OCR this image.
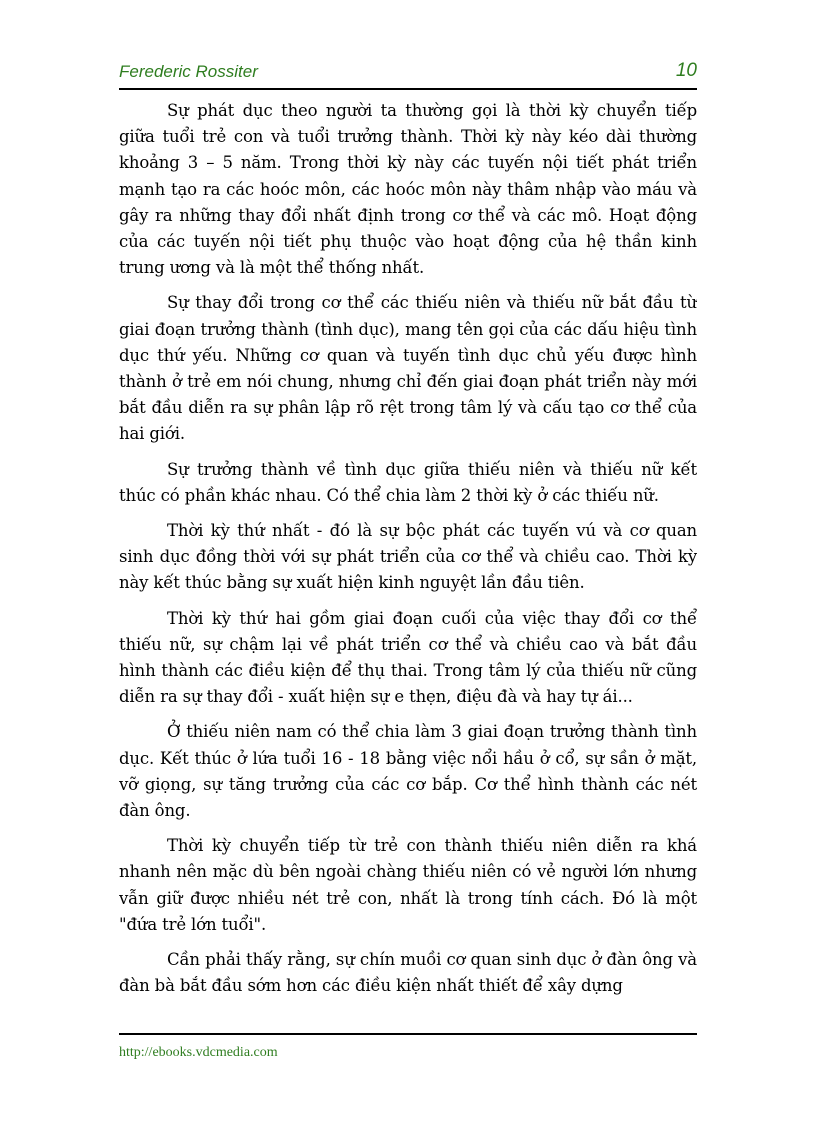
Ferederic Rossiter	10

Sự phát dục theo người ta thường gọi là thời kỳ chuyển tiếp giữa tuổi trẻ con và tuổi trưởng thành. Thời kỳ này kéo dài thường khoảng 3 – 5 năm. Trong thời kỳ này các tuyến nội tiết phát triển mạnh tạo ra các hoóc môn, các hoóc môn này thâm nhập vào máu và gây ra những thay đổi nhất định trong cơ thể và các mô. Hoạt động của các tuyến nội tiết phụ thuộc vào hoạt động của hệ thần kinh trung ương và là một thể thống nhất.

Sự thay đổi trong cơ thể các thiếu niên và thiếu nữ bắt đầu từ giai đoạn trưởng thành (tình dục), mang tên gọi của các dấu hiệu tình dục thứ yếu. Những cơ quan và tuyến tình dục chủ yếu được hình thành ở trẻ em nói chung, nhưng chỉ đến giai đoạn phát triển này mới bắt đầu diễn ra sự phân lập rõ rệt trong tâm lý và cấu tạo cơ thể của hai giới.

Sự trưởng thành về tình dục giữa thiếu niên và thiếu nữ kết thúc có phần khác nhau. Có thể chia làm 2 thời kỳ ở các thiếu nữ.

Thời kỳ thứ nhất - đó là sự bộc phát các tuyến vú và cơ quan sinh dục đồng thời với sự phát triển của cơ thể và chiều cao. Thời kỳ này kết thúc bằng sự xuất hiện kinh nguyệt lần đầu tiên.

Thời kỳ thứ hai gồm giai đoạn cuối của việc thay đổi cơ thể thiếu nữ, sự chậm lại về phát triển cơ thể và chiều cao và bắt đầu hình thành các điều kiện để thụ thai. Trong tâm lý của thiếu nữ cũng diễn ra sự thay đổi - xuất hiện sự e thẹn, điệu đà và hay tự ái...

Ở thiếu niên nam có thể chia làm 3 giai đoạn trưởng thành tình dục. Kết thúc ở lứa tuổi 16 - 18 bằng việc nổi hầu ở cổ, sự sần ở mặt, vỡ giọng, sự tăng trưởng của các cơ bắp. Cơ thể hình thành các nét đàn ông.

Thời kỳ chuyển tiếp từ trẻ con thành thiếu niên diễn ra khá nhanh nên mặc dù bên ngoài chàng thiếu niên có vẻ người lớn nhưng vẫn giữ được nhiều nét trẻ con, nhất là trong tính cách. Đó là một "đứa trẻ lớn tuổi".

Cần phải thấy rằng, sự chín muồi cơ quan sinh dục ở đàn ông và đàn bà bắt đầu sớm hơn các điều kiện nhất thiết để xây dựng

http://ebooks.vdcmedia.com
